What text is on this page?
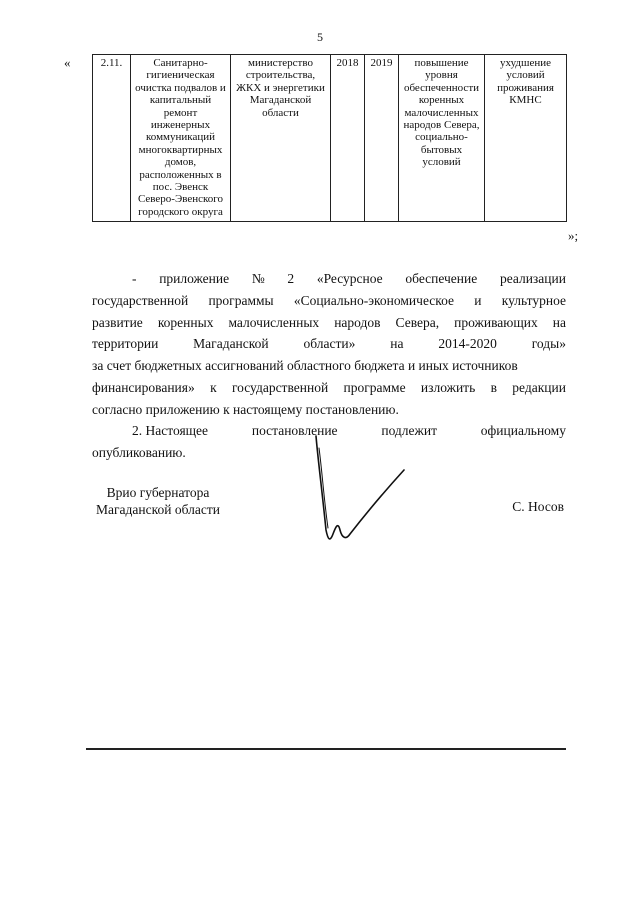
5
«	2.11.	Санитарно-гигиеническая очистка подвалов и капитальный ремонт инженерных коммуникаций многоквартирных домов, расположенных в пос. Эвенск Северо-Эвенского городского округа	министерство строительства, ЖКХ и энергетики Магаданской области	2018	2019	повышение уровня обеспеченности коренных малочисленных народов Севера, социально-бытовых условий	ухудшение условий проживания КМНС
»;
- приложение № 2 «Ресурсное обеспечение реализации
государственной программы «Социально-экономическое и культурное
развитие коренных малочисленных народов Севера, проживающих на
территории	Магаданской	области»	на	2014-2020	годы»
за счет бюджетных ассигнований областного бюджета и иных источников
финансирования» к государственной программе изложить в редакции
согласно приложению к настоящему постановлению.
2. Настоящее	постановление	подлежит	официальному
опубликованию.
Врио губернатора
Магаданской области	С. Носов
